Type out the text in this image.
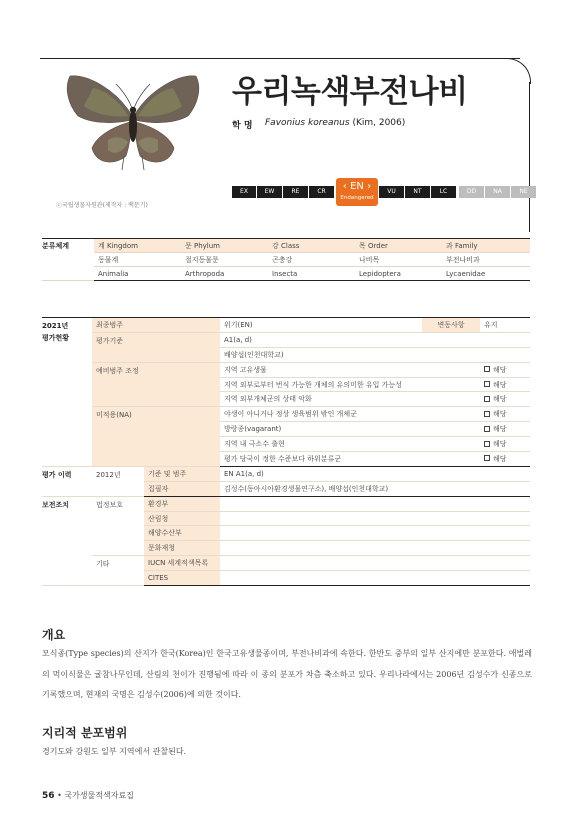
ⓒ국립생물자원관(제작자 : 백문기)
우리녹색부전나비
학 명 Favonius koreanus (Kim, 2006)
EX	EW	RE	CR	VU	NT	LC	DD	NA	NE
‹ EN ›
Endangered
분류체계	계 Kingdom	문 Phylum	강 Class	목 Order	과 Family
	동물계	절지동물문	곤충강	나비목	부전나비과
	Animalia	Arthropoda	Insecta	Lepidoptera	Lycaenidae
2021년
평가현황	최종범주		위기(EN)	변동사항	유지
	평가기준		A1(a, d)		
			배양섭(인천대학교)		
	예비범주 조정		지역 고유생물		해당
			지역 외부로부터 번식 가능한 개체의 유의미한 유입 가능성		해당
			지역 외부개체군의 상태 악화		해당
	미적용(NA)		야생이 아니거나 정상 생육범위 밖인 개체군		해당
			방랑종(vagarant)		해당
			지역 내 극소수 출현		해당
			평가 당국이 정한 수준보다 하위분류군		해당
평가 이력	2012년	기준 및 범주	EN A1(a, d)		
		집필자	김성수(동아시아환경생물연구소), 배양섭(인천대학교)		
보전조치	법정보호	환경부			
		산림청			
		해양수산부			
		문화재청			
	기타	IUCN 세계적색목록			
		CITES			
개요
모식종(Type species)의 산지가 한국(Korea)인 한국고유생물종이며, 부전나비과에 속한다. 한반도 중부의 일부 산지에만 분포한다. 애벌레의 먹이식물은 굴참나무인데, 산림의 천이가 진행됨에 따라 이 종의 분포가 차츰 축소하고 있다. 우리나라에서는 2006년 김성수가 신종으로 기록했으며, 현재의 국명은 김성수(2006)에 의한 것이다.
지리적 분포범위
경기도와 강원도 일부 지역에서 관찰된다.
56 • 국가생물적색자료집
